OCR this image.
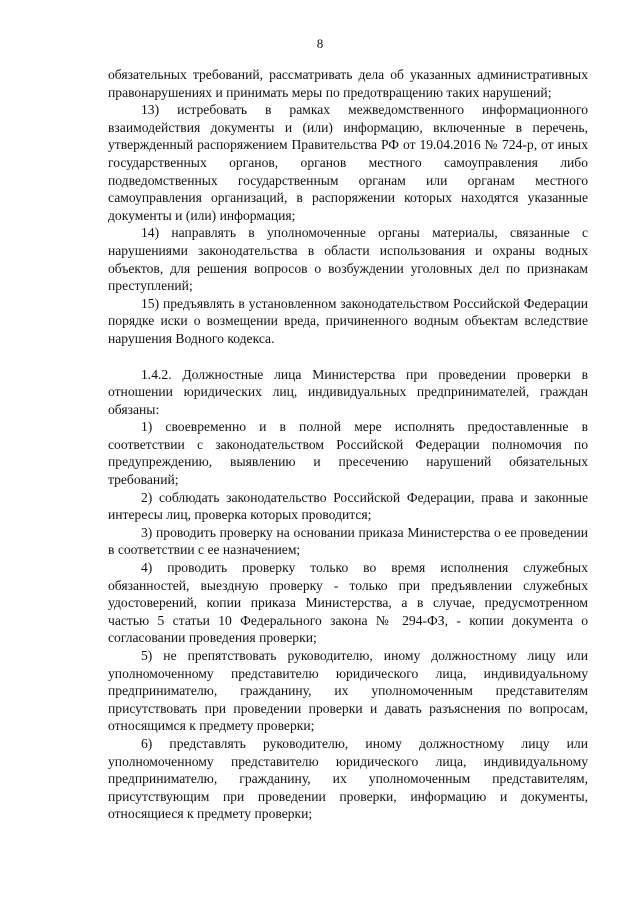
8

обязательных требований, рассматривать дела об указанных административных правонарушениях и принимать меры по предотвращению таких нарушений;

13) истребовать в рамках межведомственного информационного взаимодействия документы и (или) информацию, включенные в перечень, утвержденный распоряжением Правительства РФ от 19.04.2016 № 724-р, от иных государственных органов, органов местного самоуправления либо подведомственных государственным органам или органам местного самоуправления организаций, в распоряжении которых находятся указанные документы и (или) информация;

14) направлять в уполномоченные органы материалы, связанные с нарушениями законодательства в области использования и охраны водных объектов, для решения вопросов о возбуждении уголовных дел по признакам преступлений;

15) предъявлять в установленном законодательством Российской Федерации порядке иски о возмещении вреда, причиненного водным объектам вследствие нарушения Водного кодекса.

1.4.2. Должностные лица Министерства при проведении проверки в отношении юридических лиц, индивидуальных предпринимателей, граждан обязаны:

1) своевременно и в полной мере исполнять предоставленные в соответствии с законодательством Российской Федерации полномочия по предупреждению, выявлению и пресечению нарушений обязательных требований;

2) соблюдать законодательство Российской Федерации, права и законные интересы лиц, проверка которых проводится;

3) проводить проверку на основании приказа Министерства о ее проведении в соответствии с ее назначением;

4) проводить проверку только во время исполнения служебных обязанностей, выездную проверку - только при предъявлении служебных удостоверений, копии приказа Министерства, а в случае, предусмотренном частью 5 статьи 10 Федерального закона № 294-ФЗ, - копии документа о согласовании проведения проверки;

5) не препятствовать руководителю, иному должностному лицу или уполномоченному представителю юридического лица, индивидуальному предпринимателю, гражданину, их уполномоченным представителям присутствовать при проведении проверки и давать разъяснения по вопросам, относящимся к предмету проверки;

6) представлять руководителю, иному должностному лицу или уполномоченному представителю юридического лица, индивидуальному предпринимателю, гражданину, их уполномоченным представителям, присутствующим при проведении проверки, информацию и документы, относящиеся к предмету проверки;
